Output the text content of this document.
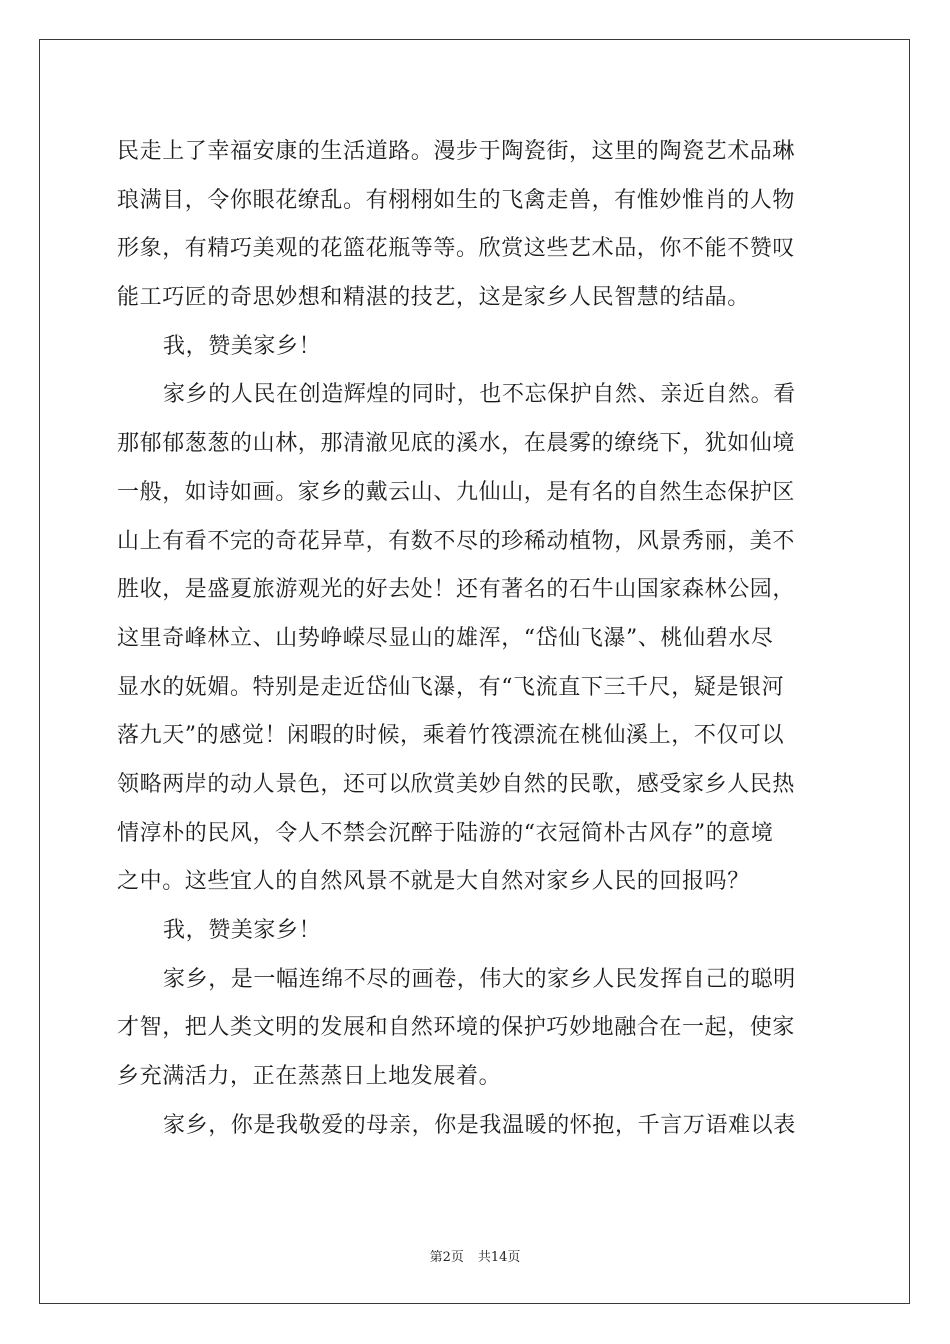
民走上了幸福安康的生活道路。漫步于陶瓷街，这里的陶瓷艺术品琳
琅满目，令你眼花缭乱。有栩栩如生的飞禽走兽，有惟妙惟肖的人物
形象，有精巧美观的花篮花瓶等等。欣赏这些艺术品，你不能不赞叹
能工巧匠的奇思妙想和精湛的技艺，这是家乡人民智慧的结晶。
我，赞美家乡！
家乡的人民在创造辉煌的同时，也不忘保护自然、亲近自然。看
那郁郁葱葱的山林，那清澈见底的溪水，在晨雾的缭绕下，犹如仙境
一般，如诗如画。家乡的戴云山、九仙山，是有名的自然生态保护区
山上有看不完的奇花异草，有数不尽的珍稀动植物，风景秀丽，美不
胜收，是盛夏旅游观光的好去处！还有著名的石牛山国家森林公园，
这里奇峰林立、山势峥嵘尽显山的雄浑，“岱仙飞瀑”、桃仙碧水尽
显水的妩媚。特别是走近岱仙飞瀑，有“飞流直下三千尺，疑是银河
落九天”的感觉！闲暇的时候，乘着竹筏漂流在桃仙溪上，不仅可以
领略两岸的动人景色，还可以欣赏美妙自然的民歌，感受家乡人民热
情淳朴的民风，令人不禁会沉醉于陆游的“衣冠简朴古风存”的意境
之中。这些宜人的自然风景不就是大自然对家乡人民的回报吗？
我，赞美家乡！
家乡，是一幅连绵不尽的画卷，伟大的家乡人民发挥自己的聪明
才智，把人类文明的发展和自然环境的保护巧妙地融合在一起，使家
乡充满活力，正在蒸蒸日上地发展着。
家乡，你是我敬爱的母亲，你是我温暖的怀抱，千言万语难以表
第2页 共14页
